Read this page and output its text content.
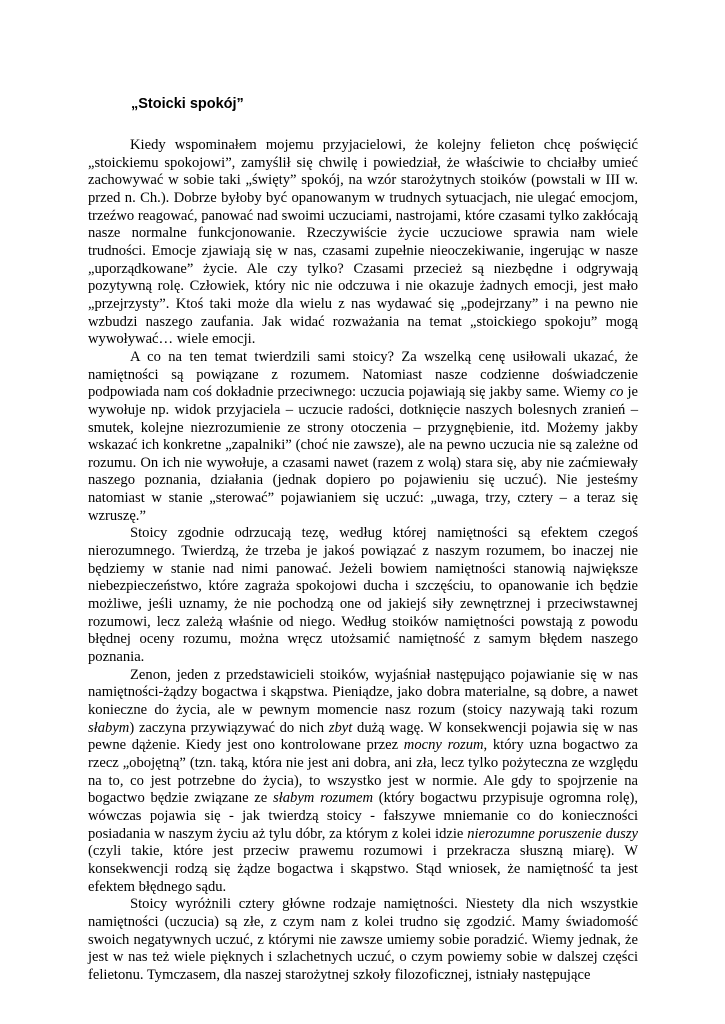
„Stoicki spokój”

Kiedy wspominałem mojemu przyjacielowi, że kolejny felieton chcę poświęcić „stoickiemu spokojowi”, zamyślił się chwilę i powiedział, że właściwie to chciałby umieć zachowywać w sobie taki „święty” spokój, na wzór starożytnych stoików (powstali w III w. przed n. Ch.). Dobrze byłoby być opanowanym w trudnych sytuacjach, nie ulegać emocjom, trzeźwo reagować, panować nad swoimi uczuciami, nastrojami, które czasami tylko zakłócają nasze normalne funkcjonowanie. Rzeczywiście życie uczuciowe sprawia nam wiele trudności. Emocje zjawiają się w nas, czasami zupełnie nieoczekiwanie, ingerując w nasze „uporządkowane” życie. Ale czy tylko? Czasami przecież są niezbędne i odgrywają pozytywną rolę. Człowiek, który nic nie odczuwa i nie okazuje żadnych emocji, jest mało „przejrzysty”. Ktoś taki może dla wielu z nas wydawać się „podejrzany” i na pewno nie wzbudzi naszego zaufania. Jak widać rozważania na temat „stoickiego spokoju” mogą wywoływać… wiele emocji.

A co na ten temat twierdzili sami stoicy? Za wszelką cenę usiłowali ukazać, że namiętności są powiązane z rozumem. Natomiast nasze codzienne doświadczenie podpowiada nam coś dokładnie przeciwnego: uczucia pojawiają się jakby same. Wiemy co je wywołuje np. widok przyjaciela – uczucie radości, dotknięcie naszych bolesnych zranień – smutek, kolejne niezrozumienie ze strony otoczenia – przygnębienie, itd. Możemy jakby wskazać ich konkretne „zapalniki” (choć nie zawsze), ale na pewno uczucia nie są zależne od rozumu. On ich nie wywołuje, a czasami nawet (razem z wolą) stara się, aby nie zaćmiewały naszego poznania, działania (jednak dopiero po pojawieniu się uczuć). Nie jesteśmy natomiast w stanie „sterować” pojawianiem się uczuć: „uwaga, trzy, cztery – a teraz się wzruszę.”

Stoicy zgodnie odrzucają tezę, według której namiętności są efektem czegoś nierozumnego. Twierdzą, że trzeba je jakoś powiązać z naszym rozumem, bo inaczej nie będziemy w stanie nad nimi panować. Jeżeli bowiem namiętności stanowią największe niebezpieczeństwo, które zagraża spokojowi ducha i szczęściu, to opanowanie ich będzie możliwe, jeśli uznamy, że nie pochodzą one od jakiejś siły zewnętrznej i przeciwstawnej rozumowi, lecz zależą właśnie od niego. Według stoików namiętności powstają z powodu błędnej oceny rozumu, można wręcz utożsamić namiętność z samym błędem naszego poznania.

Zenon, jeden z przedstawicieli stoików, wyjaśniał następująco pojawianie się w nas namiętności-żądzy bogactwa i skąpstwa. Pieniądze, jako dobra materialne, są dobre, a nawet konieczne do życia, ale w pewnym momencie nasz rozum (stoicy nazywają taki rozum słabym) zaczyna przywiązywać do nich zbyt dużą wagę. W konsekwencji pojawia się w nas pewne dążenie. Kiedy jest ono kontrolowane przez mocny rozum, który uzna bogactwo za rzecz „obojętną” (tzn. taką, która nie jest ani dobra, ani zła, lecz tylko pożyteczna ze względu na to, co jest potrzebne do życia), to wszystko jest w normie. Ale gdy to spojrzenie na bogactwo będzie związane ze słabym rozumem (który bogactwu przypisuje ogromna rolę), wówczas pojawia się - jak twierdzą stoicy - fałszywe mniemanie co do konieczności posiadania w naszym życiu aż tylu dóbr, za którym z kolei idzie nierozumne poruszenie duszy (czyli takie, które jest przeciw prawemu rozumowi i przekracza słuszną miarę). W konsekwencji rodzą się żądze bogactwa i skąpstwo. Stąd wniosek, że namiętność ta jest efektem błędnego sądu.

Stoicy wyróżnili cztery główne rodzaje namiętności. Niestety dla nich wszystkie namiętności (uczucia) są złe, z czym nam z kolei trudno się zgodzić. Mamy świadomość swoich negatywnych uczuć, z którymi nie zawsze umiemy sobie poradzić. Wiemy jednak, że jest w nas też wiele pięknych i szlachetnych uczuć, o czym powiemy sobie w dalszej części felietonu. Tymczasem, dla naszej starożytnej szkoły filozoficznej, istniały następujące
